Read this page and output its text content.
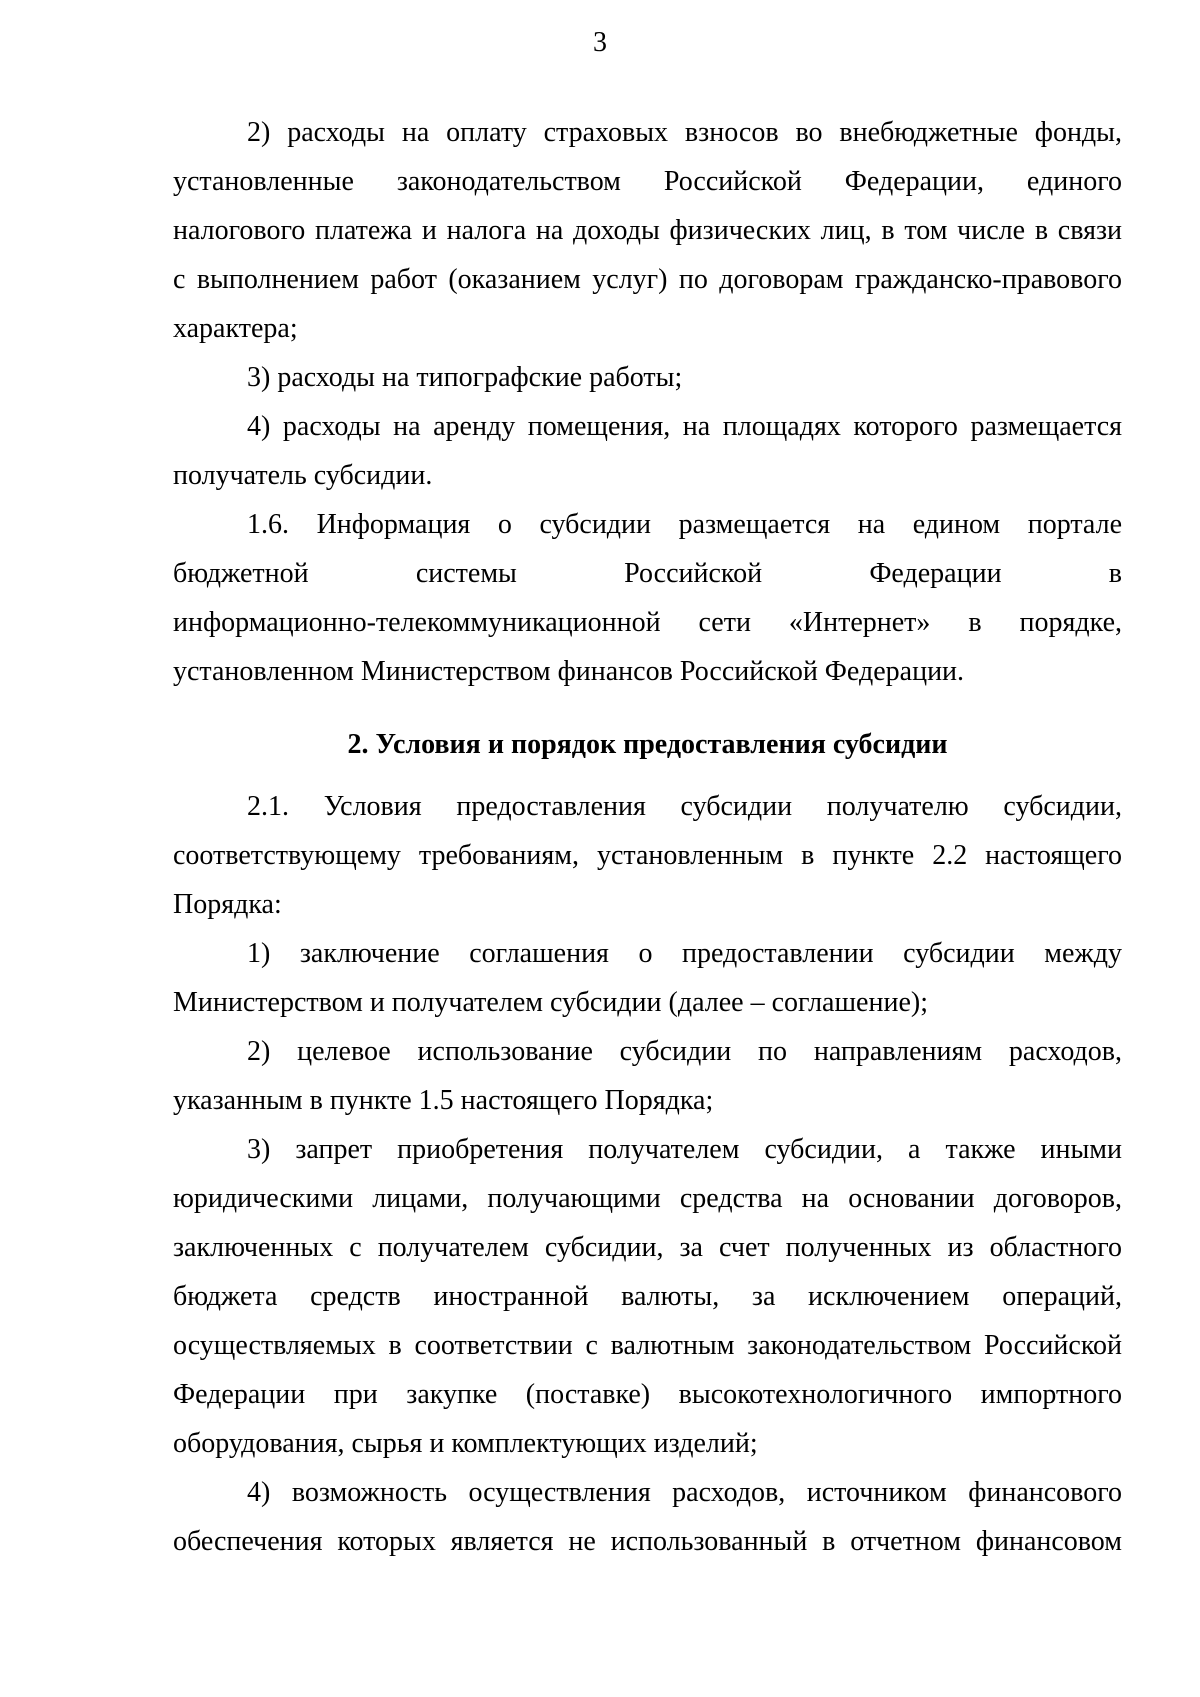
3
2) расходы на оплату страховых взносов во внебюджетные фонды,
установленные законодательством Российской Федерации, единого
налогового платежа и налога на доходы физических лиц, в том числе в связи
с выполнением работ (оказанием услуг) по договорам гражданско-правового
характера;
3) расходы на типографские работы;
4) расходы на аренду помещения, на площадях которого размещается
получатель субсидии.
1.6. Информация о субсидии размещается на едином портале
бюджетной системы Российской Федерации в
информационно-телекоммуникационной сети «Интернет» в порядке,
установленном Министерством финансов Российской Федерации.
2. Условия и порядок предоставления субсидии
2.1. Условия предоставления субсидии получателю субсидии,
соответствующему требованиям, установленным в пункте 2.2 настоящего
Порядка:
1) заключение соглашения о предоставлении субсидии между
Министерством и получателем субсидии (далее – соглашение);
2) целевое использование субсидии по направлениям расходов,
указанным в пункте 1.5 настоящего Порядка;
3) запрет приобретения получателем субсидии, а также иными
юридическими лицами, получающими средства на основании договоров,
заключенных с получателем субсидии, за счет полученных из областного
бюджета средств иностранной валюты, за исключением операций,
осуществляемых в соответствии с валютным законодательством Российской
Федерации при закупке (поставке) высокотехнологичного импортного
оборудования, сырья и комплектующих изделий;
4) возможность осуществления расходов, источником финансового
обеспечения которых является не использованный в отчетном финансовом
